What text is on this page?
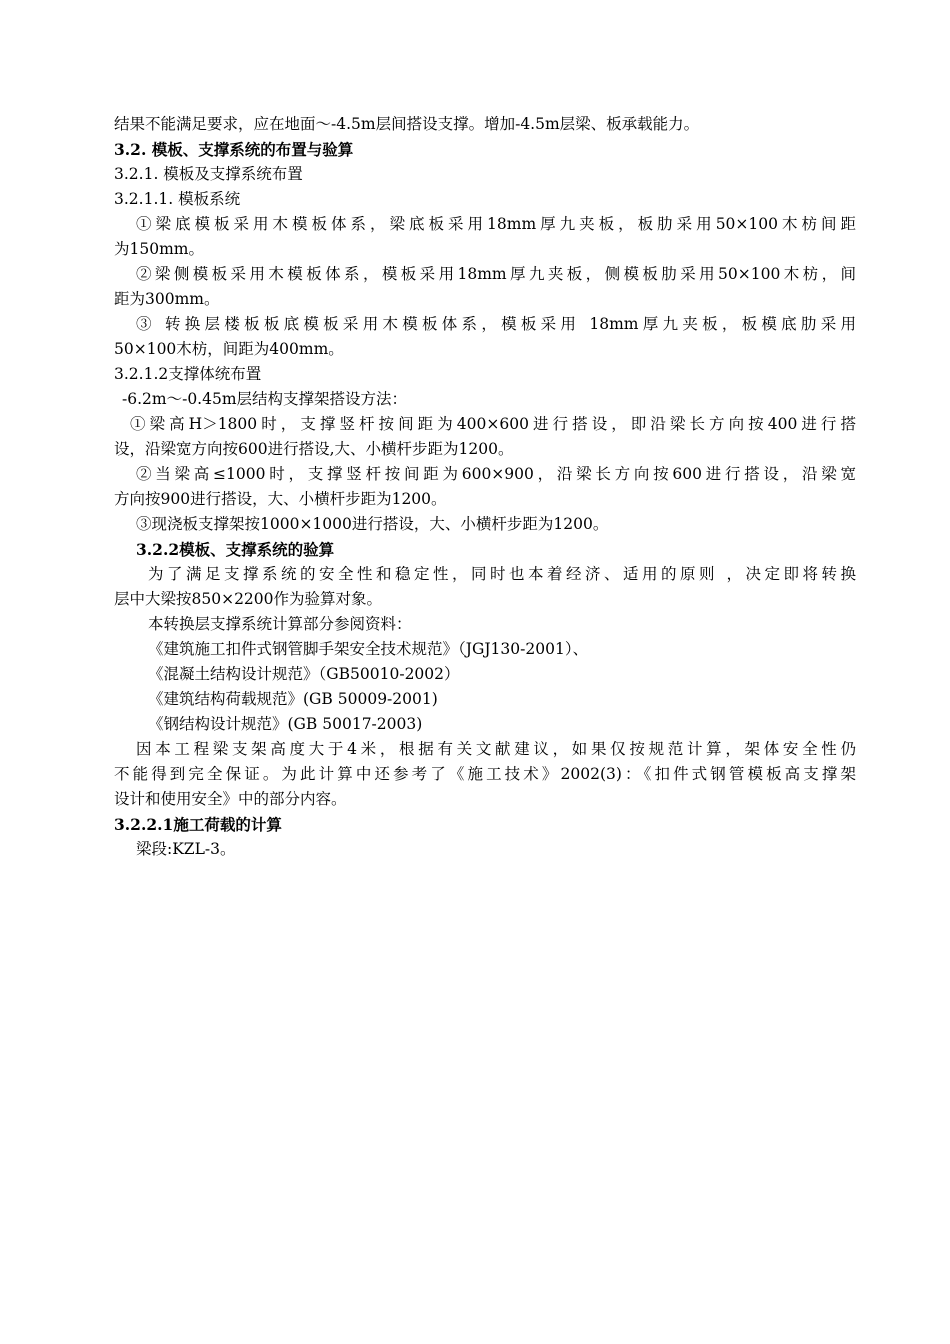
结果不能满足要求，应在地面～-4.5m层间搭设支撑。增加-4.5m层梁、板承载能力。
3.2. 模板、支撑系统的布置与验算
3.2.1. 模板及支撑系统布置
3.2.1.1. 模板系统
①梁底模板采用木模板体系，梁底板采用18mm厚九夹板，板肋采用50×100木枋间距
为150mm。
②梁侧模板采用木模板体系，模板采用18mm厚九夹板，侧模板肋采用50×100木枋，间
距为300mm。
③ 转换层楼板板底模板采用木模板体系，模板采用 18mm厚九夹板，板模底肋采用
50×100木枋，间距为400mm。
3.2.1.2支撑体统布置
-6.2m～-0.45m层结构支撑架搭设方法：
①梁高H＞1800时，支撑竖杆按间距为400×600进行搭设，即沿梁长方向按400进行搭
设，沿梁宽方向按600进行搭设,大、小横杆步距为1200。
②当梁高≤1000时，支撑竖杆按间距为600×900，沿梁长方向按600进行搭设，沿梁宽
方向按900进行搭设，大、小横杆步距为1200。
③现浇板支撑架按1000×1000进行搭设，大、小横杆步距为1200。
3.2.2模板、支撑系统的验算
为了满足支撑系统的安全性和稳定性，同时也本着经济、适用的原则 ，决定即将转换
层中大梁按850×2200作为验算对象。
本转换层支撑系统计算部分参阅资料：
《建筑施工扣件式钢管脚手架安全技术规范》（JGJ130-2001）、
《混凝土结构设计规范》（GB50010-2002）
《建筑结构荷载规范》(GB 50009-2001)
《钢结构设计规范》(GB 50017-2003)
因本工程梁支架高度大于4米，根据有关文献建议，如果仅按规范计算，架体安全性仍
不能得到完全保证。为此计算中还参考了《施工技术》2002(3)：《扣件式钢管模板高支撑架
设计和使用安全》中的部分内容。
3.2.2.1施工荷载的计算
梁段:KZL-3。
